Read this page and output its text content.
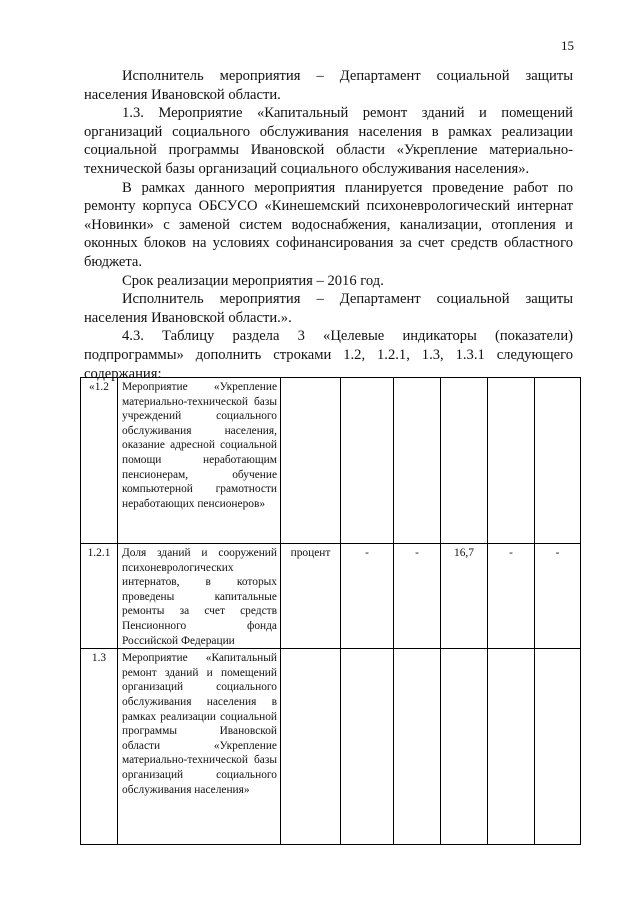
15

Исполнитель мероприятия – Департамент социальной защиты населения Ивановской области.

1.3. Мероприятие «Капитальный ремонт зданий и помещений организаций социального обслуживания населения в рамках реализации социальной программы Ивановской области «Укрепление материально-технической базы организаций социального обслуживания населения».

В рамках данного мероприятия планируется проведение работ по ремонту корпуса ОБСУСО «Кинешемский психоневрологический интернат «Новинки» с заменой систем водоснабжения, канализации, отопления и оконных блоков на условиях софинансирования за счет средств областного бюджета.

Срок реализации мероприятия – 2016 год.

Исполнитель мероприятия – Департамент социальной защиты населения Ивановской области.».

4.3. Таблицу раздела 3 «Целевые индикаторы (показатели) подпрограммы» дополнить строками 1.2, 1.2.1, 1.3, 1.3.1 следующего содержания:

«1.2	Мероприятие «Укрепление материально-технической базы учреждений социального обслуживания населения, оказание адресной социальной помощи неработающим пенсионерам, обучение компьютерной грамотности неработающих пенсионеров»						
1.2.1	Доля зданий и сооружений психоневрологических интернатов, в которых проведены капитальные ремонты за счет средств Пенсионного фонда Российской Федерации	процент	-	-	16,7	-	-
1.3	Мероприятие «Капитальный ремонт зданий и помещений организаций социального обслуживания населения в рамках реализации социальной программы Ивановской области «Укрепление материально-технической базы организаций социального обслуживания населения»						
